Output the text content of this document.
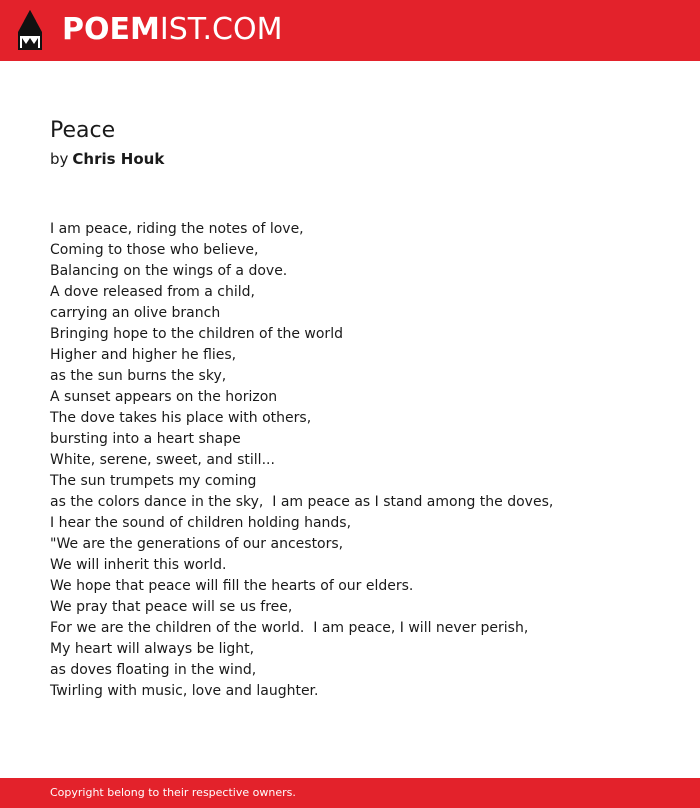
POEMIST.COM
Peace
by Chris Houk
I am peace, riding the notes of love,
Coming to those who believe,
Balancing on the wings of a dove.
A dove released from a child,
carrying an olive branch
Bringing hope to the children of the world
Higher and higher he flies,
as the sun burns the sky,
A sunset appears on the horizon
The dove takes his place with others,
bursting into a heart shape
White, serene, sweet, and still...
The sun trumpets my coming
as the colors dance in the sky,  I am peace as I stand among the doves,
I hear the sound of children holding hands,
"We are the generations of our ancestors,
We will inherit this world.
We hope that peace will fill the hearts of our elders.
We pray that peace will se us free,
For we are the children of the world.  I am peace, I will never perish,
My heart will always be light,
as doves floating in the wind,
Twirling with music, love and laughter.
Copyright belong to their respective owners.
